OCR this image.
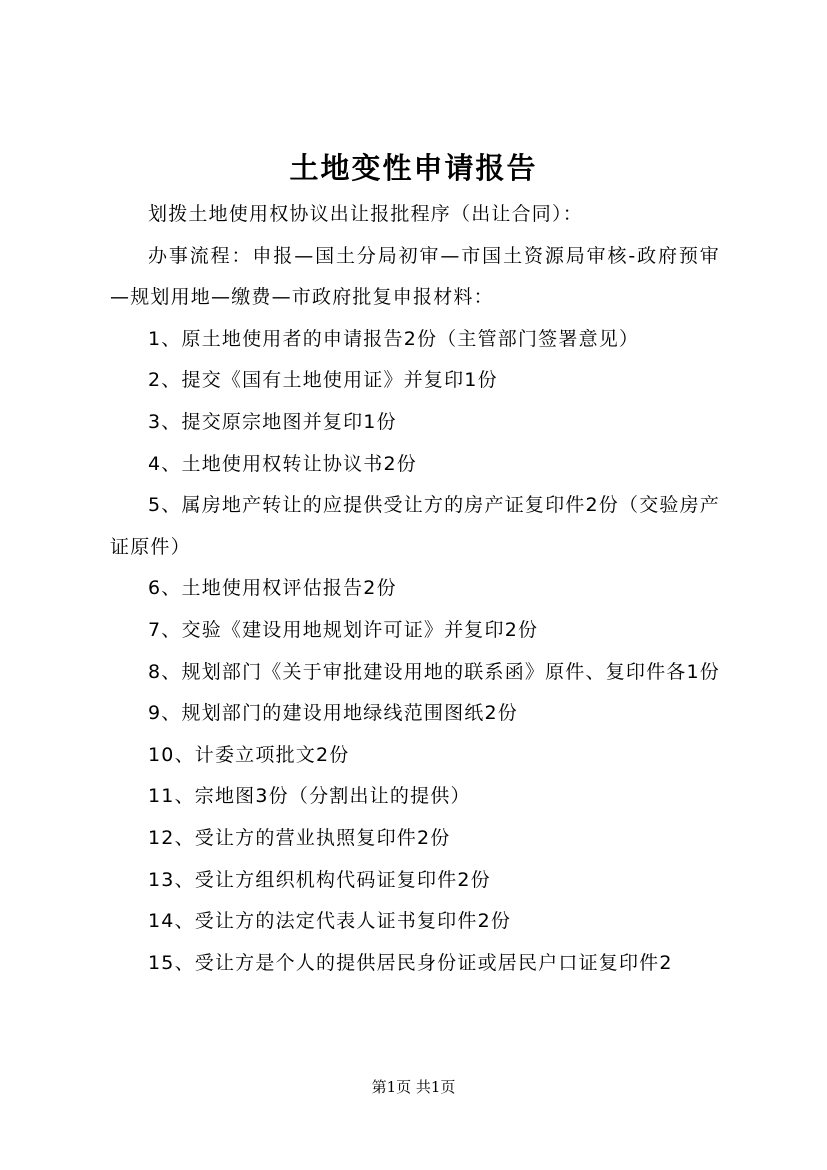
土地变性申请报告

划拨土地使用权协议出让报批程序（出让合同）：

办事流程：申报—国土分局初审—市国土资源局审核-政府预审—规划用地—缴费—市政府批复申报材料：

1、原土地使用者的申请报告2份（主管部门签署意见）

2、提交《国有土地使用证》并复印1份

3、提交原宗地图并复印1份

4、土地使用权转让协议书2份

5、属房地产转让的应提供受让方的房产证复印件2份（交验房产证原件）

6、土地使用权评估报告2份

7、交验《建设用地规划许可证》并复印2份

8、规划部门《关于审批建设用地的联系函》原件、复印件各1份

9、规划部门的建设用地绿线范围图纸2份

10、计委立项批文2份

11、宗地图3份（分割出让的提供）

12、受让方的营业执照复印件2份

13、受让方组织机构代码证复印件2份

14、受让方的法定代表人证书复印件2份

15、受让方是个人的提供居民身份证或居民户口证复印件2

第1页 共1页
